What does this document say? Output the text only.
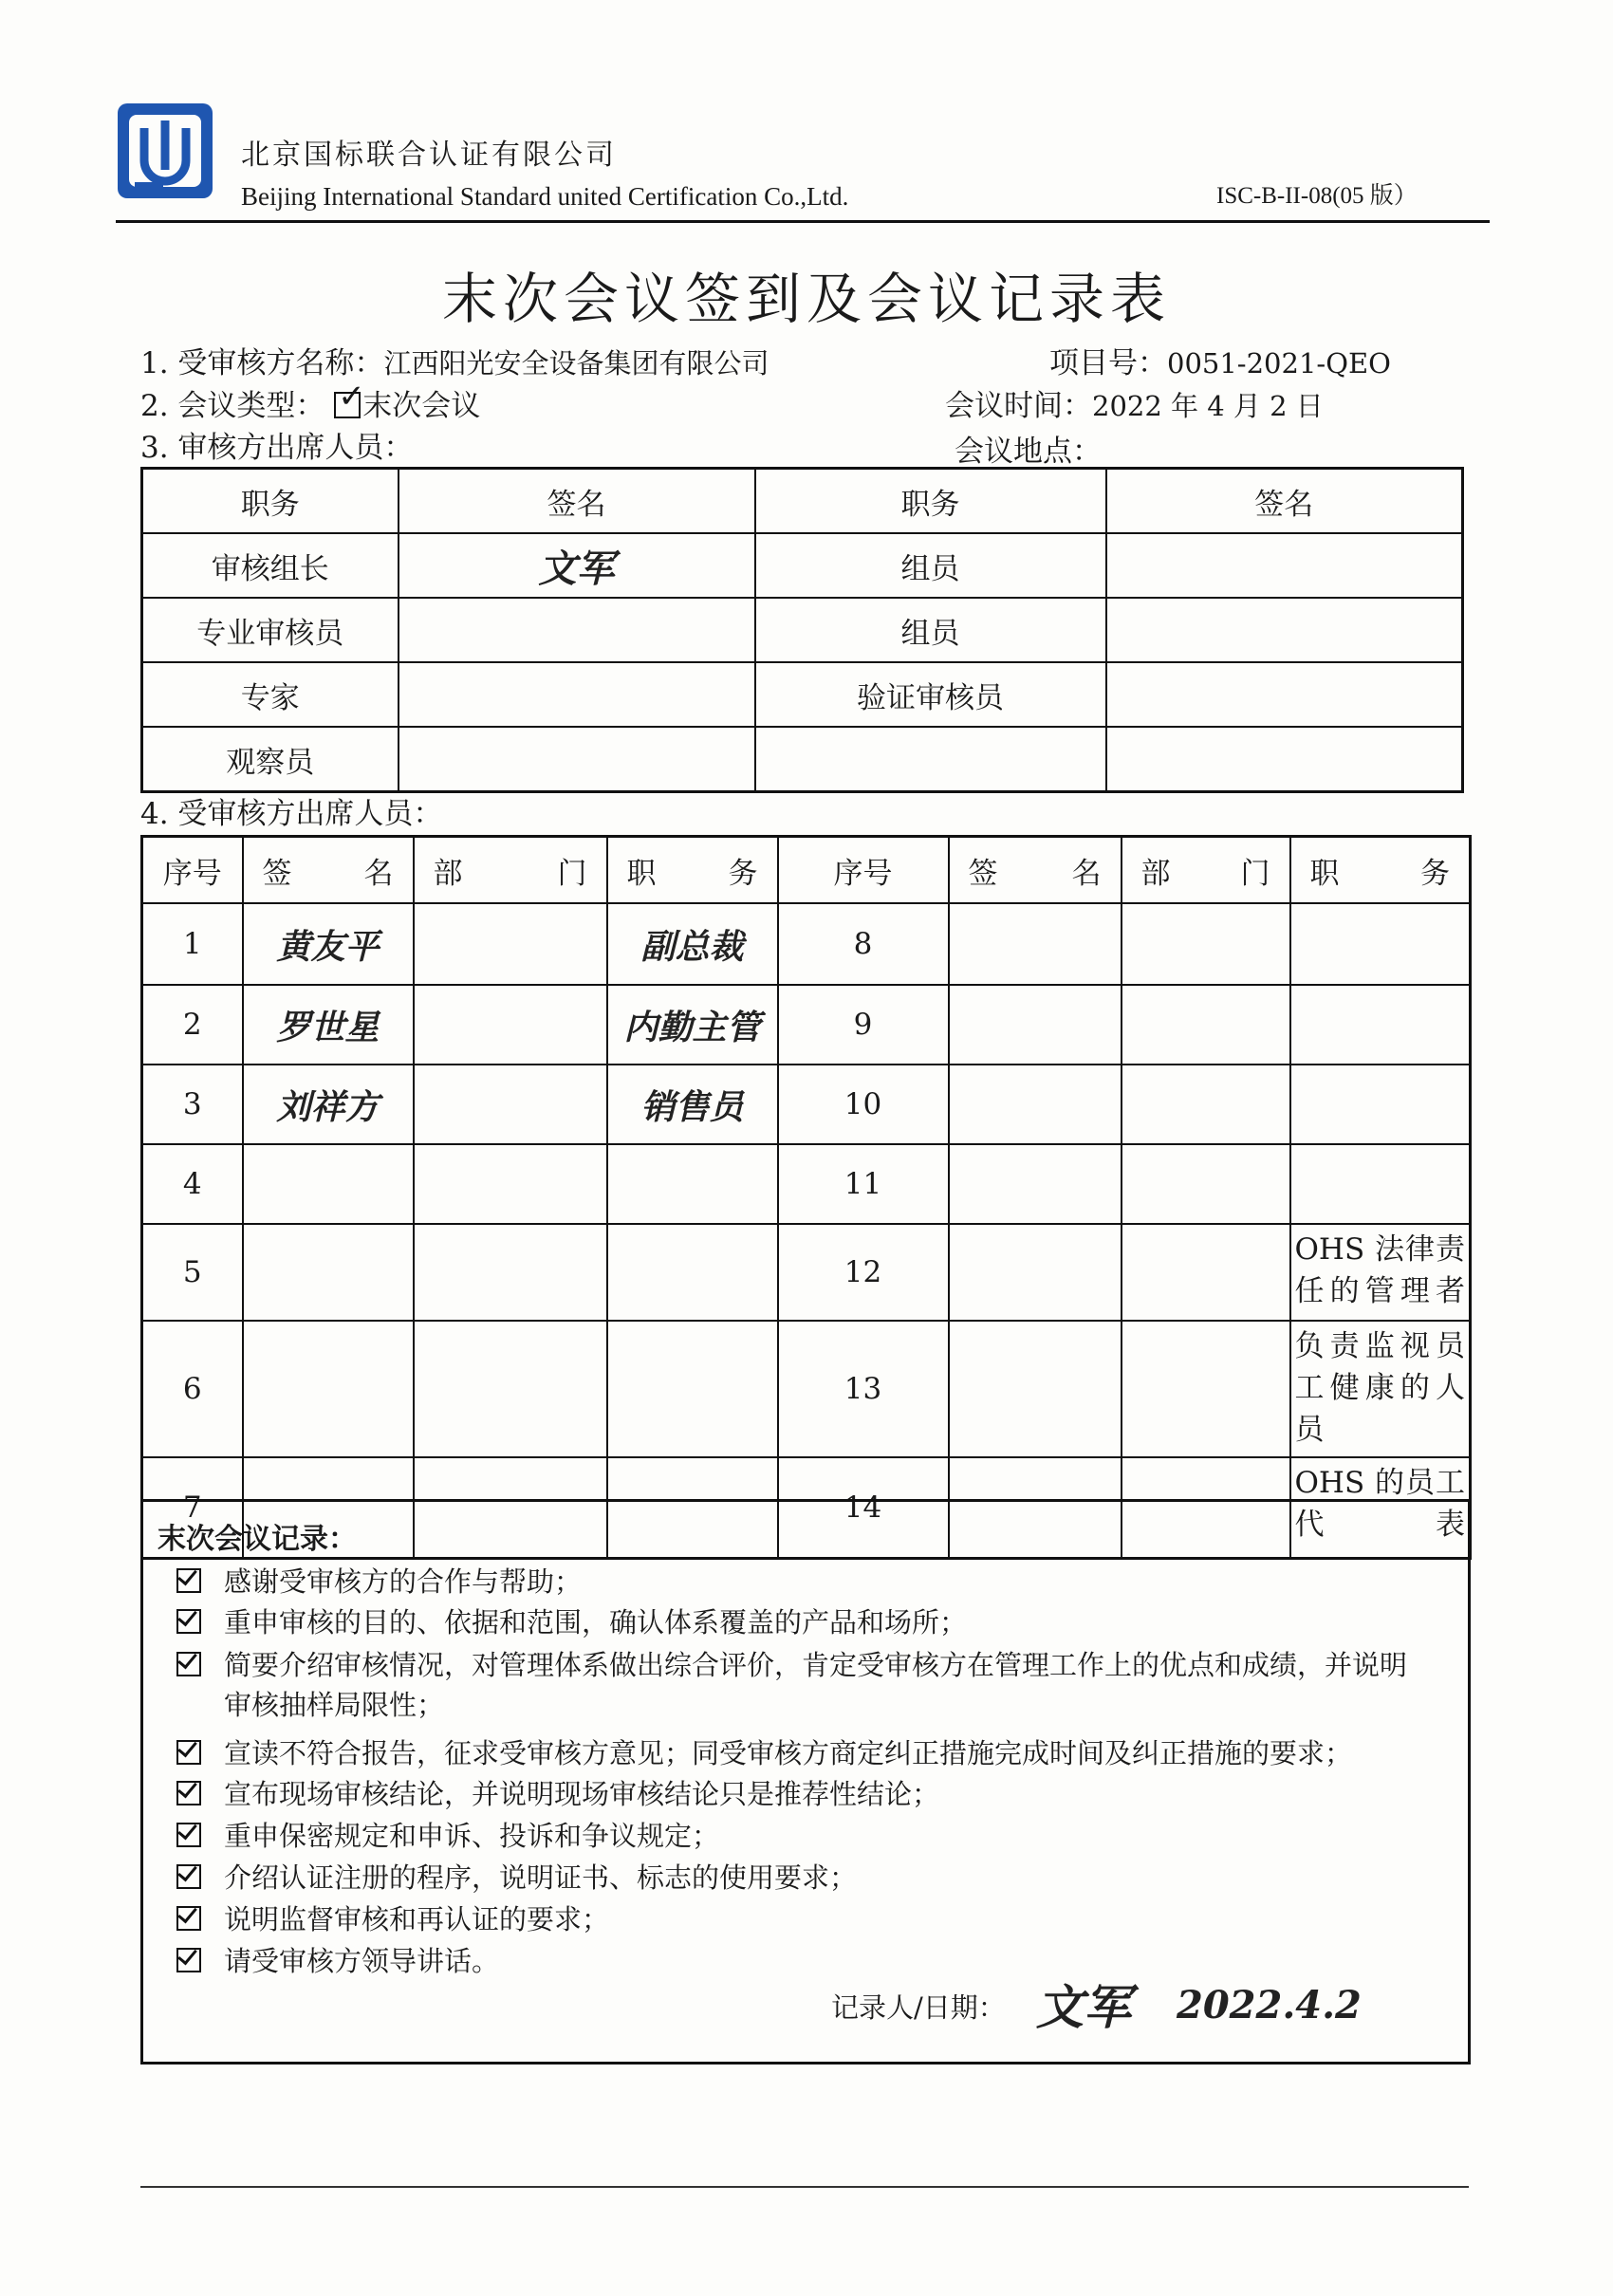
北京国标联合认证有限公司
Beijing International Standard united Certification Co.,Ltd.	ISC-B-II-08(05 版）
末次会议签到及会议记录表
1. 受审核方名称：江西阳光安全设备集团有限公司	项目号：0051-2021-QEO
2. 会议类型： ✓
末次会议	会议时间：2022 年 4 月 2 日
3. 审核方出席人员：	会议地点：
职务	签名	职务	签名
审核组长	文军	组员	
专业审核员		组员	
专家		验证审核员	
观察员			
4. 受审核方出席人员：
序号	签 名	部 门	职 务	序号	签 名	部 门	职 务

1	黄友平		副总裁	8			

2	罗世星		内勤主管	9			

3	刘祥方		销售员	10			

4				11			

5				12			OHS 法律责任的管理者

6				13			负责监视员工健康的人员

7				14			OHS 的员工代表
末次会议记录：
感谢受审核方的合作与帮助；
重申审核的目的、依据和范围，确认体系覆盖的产品和场所；
简要介绍审核情况，对管理体系做出综合评价，肯定受审核方在管理工作上的优点和成绩，并说明
审核抽样局限性；
宣读不符合报告，征求受审核方意见；同受审核方商定纠正措施完成时间及纠正措施的要求；
宣布现场审核结论，并说明现场审核结论只是推荐性结论；
重申保密规定和申诉、投诉和争议规定；
介绍认证注册的程序，说明证书、标志的使用要求；
说明监督审核和再认证的要求；
请受审核方领导讲话。
记录人/日期： 文军 2022.4.2
